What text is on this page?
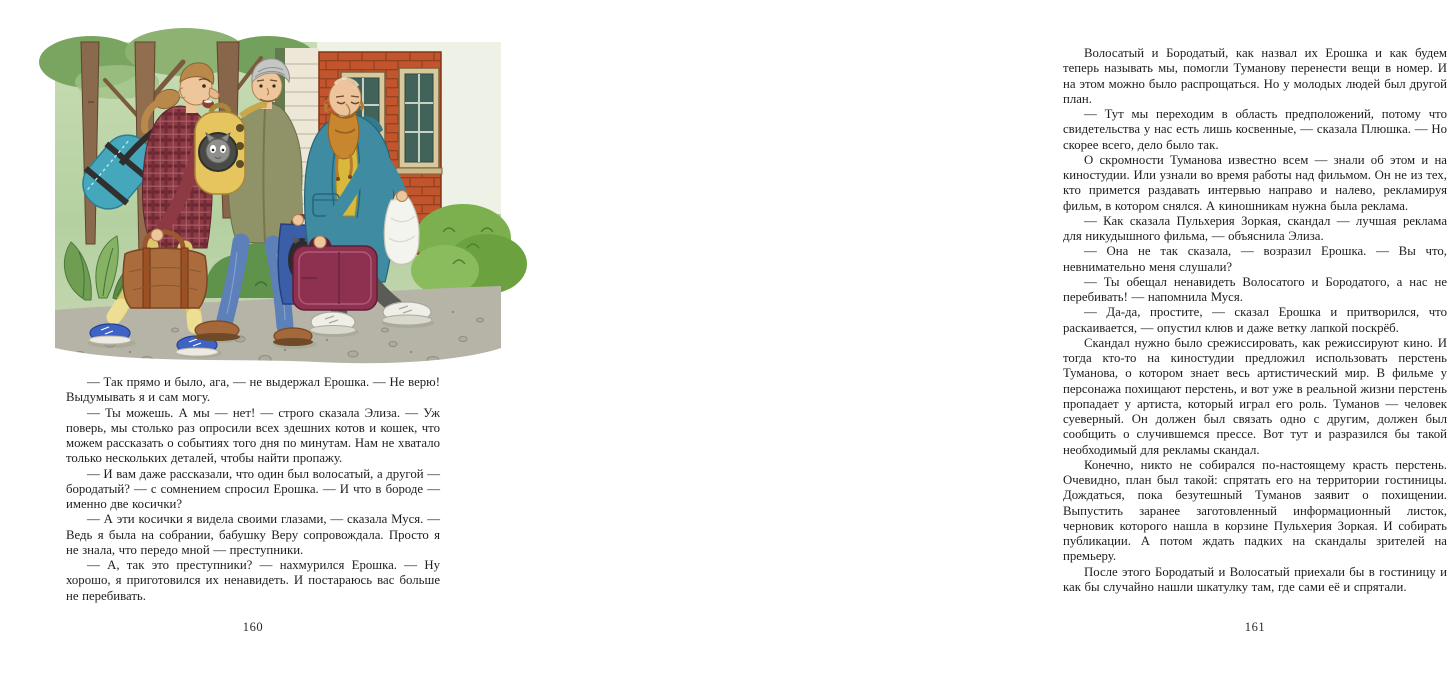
— Так прямо и было, ага, — не выдержал Ерошка. — Не верю! Выдумывать я и сам могу.

— Ты можешь. А мы — нет! — строго сказала Элиза. — Уж поверь, мы столько раз опросили всех здешних котов и кошек, что можем рассказать о событиях того дня по минутам. Нам не хватало только нескольких деталей, чтобы найти пропажу.

— И вам даже рассказали, что один был волосатый, а другой — бородатый? — с сомнением спросил Ерошка. — И что в бороде — именно две косички?

— А эти косички я видела своими глазами, — сказала Муся. — Ведь я была на собрании, бабушку Веру сопровождала. Просто я не знала, что передо мной — преступники.

— А, так это преступники? — нахмурился Ерошка. — Ну хорошо, я приготовился их ненавидеть. И постараюсь вас больше не перебивать.

160

Волосатый и Бородатый, как назвал их Ерошка и как будем теперь называть мы, помогли Туманову перенести вещи в номер. И на этом можно было распрощаться. Но у молодых людей был другой план.

— Тут мы переходим в область предположений, потому что свидетельства у нас есть лишь косвенные, — сказала Плюшка. — Но скорее всего, дело было так.

О скромности Туманова известно всем — знали об этом и на киностудии. Или узнали во время работы над фильмом. Он не из тех, кто примется раздавать интервью направо и налево, рекламируя фильм, в котором снялся. А киношникам нужна была реклама.

— Как сказала Пульхерия Зоркая, скандал — лучшая реклама для никудышного фильма, — объяснила Элиза.

— Она не так сказала, — возразил Ерошка. — Вы что, невнимательно меня слушали?

— Ты обещал ненавидеть Волосатого и Бородатого, а нас не перебивать! — напомнила Муся.

— Да-да, простите, — сказал Ерошка и притворился, что раскаивается, — опустил клюв и даже ветку лапкой поскрёб.

Скандал нужно было срежиссировать, как режиссируют кино. И тогда кто-то на киностудии предложил использовать перстень Туманова, о котором знает весь артистический мир. В фильме у персонажа похищают перстень, и вот уже в реальной жизни перстень пропадает у артиста, который играл его роль. Туманов — человек суеверный. Он должен был связать одно с другим, должен был сообщить о случившемся прессе. Вот тут и разразился бы такой необходимый для рекламы скандал.

Конечно, никто не собирался по-настоящему красть перстень. Очевидно, план был такой: спрятать его на территории гостиницы. Дождаться, пока безутешный Туманов заявит о похищении. Выпустить заранее заготовленный информационный листок, черновик которого нашла в корзине Пульхерия Зоркая. И собирать публикации. А потом ждать падких на скандалы зрителей на премьеру.

После этого Бородатый и Волосатый приехали бы в гостиницу и как бы случайно нашли шкатулку там, где сами её и спрятали.

161
